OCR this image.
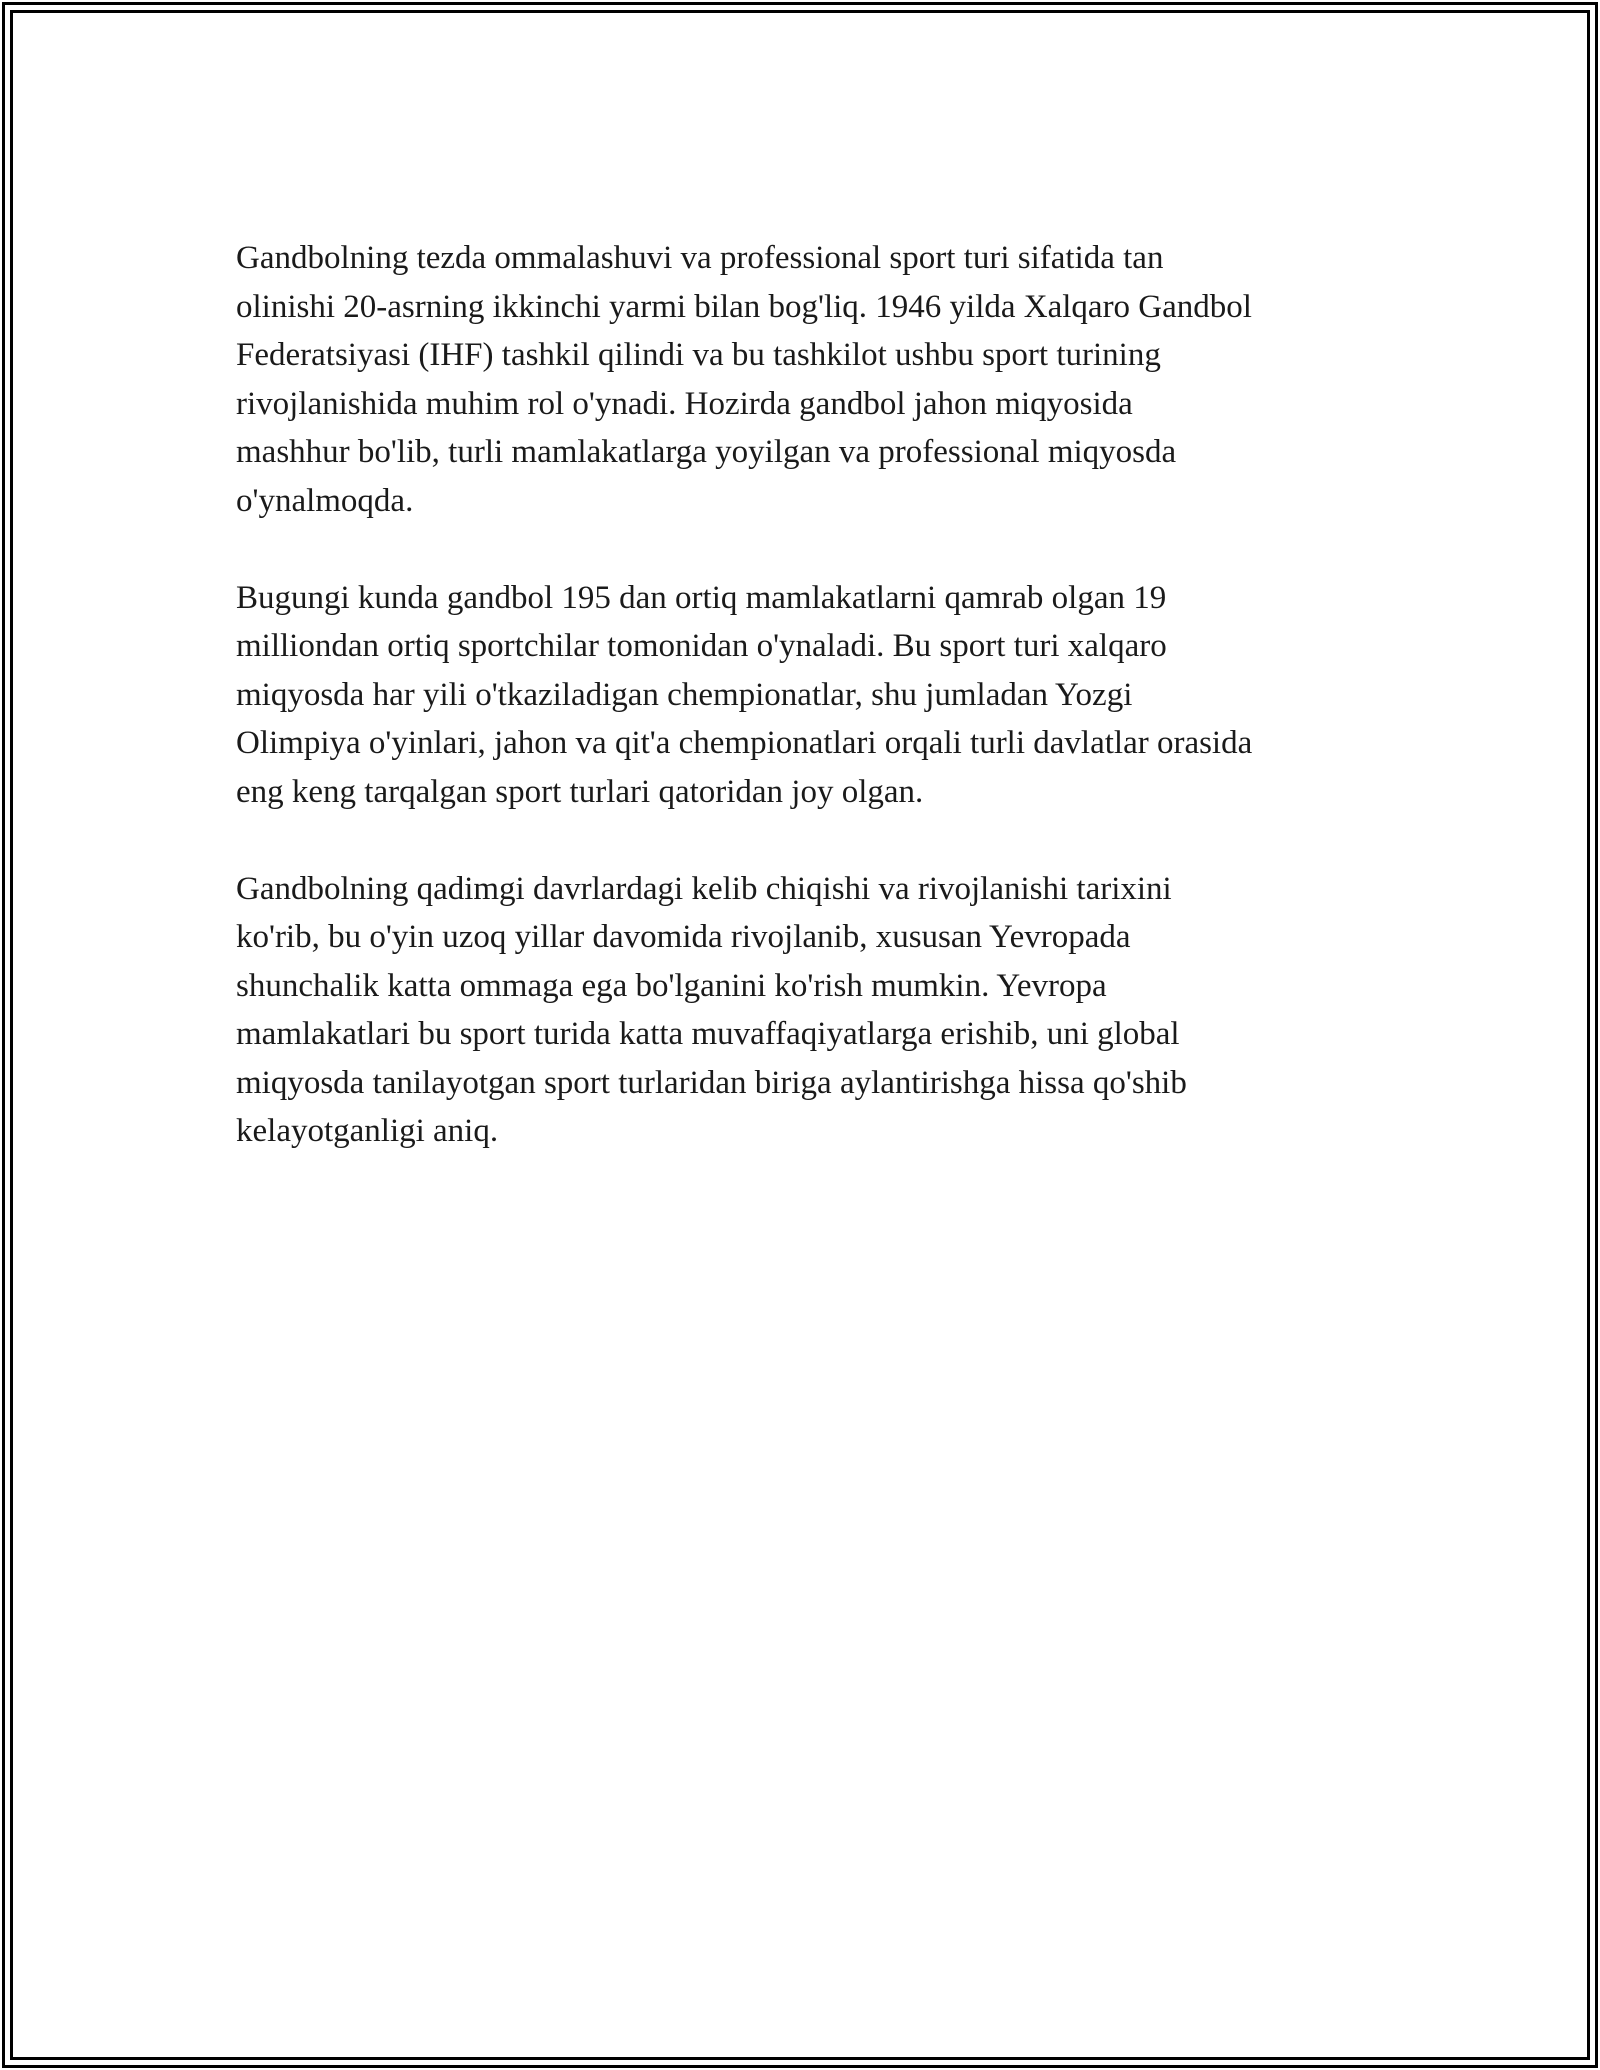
Gandbolning tezda ommalashuvi va professional sport turi sifatida tan
olinishi 20-asrning ikkinchi yarmi bilan bog'liq. 1946 yilda Xalqaro Gandbol
Federatsiyasi (IHF) tashkil qilindi va bu tashkilot ushbu sport turining
rivojlanishida muhim rol o'ynadi. Hozirda gandbol jahon miqyosida
mashhur bo'lib, turli mamlakatlarga yoyilgan va professional miqyosda
o'ynalmoqda.

Bugungi kunda gandbol 195 dan ortiq mamlakatlarni qamrab olgan 19
milliondan ortiq sportchilar tomonidan o'ynaladi. Bu sport turi xalqaro
miqyosda har yili o'tkaziladigan chempionatlar, shu jumladan Yozgi
Olimpiya o'yinlari, jahon va qit'a chempionatlari orqali turli davlatlar orasida
eng keng tarqalgan sport turlari qatoridan joy olgan.

Gandbolning qadimgi davrlardagi kelib chiqishi va rivojlanishi tarixini
ko'rib, bu o'yin uzoq yillar davomida rivojlanib, xususan Yevropada
shunchalik katta ommaga ega bo'lganini ko'rish mumkin. Yevropa
mamlakatlari bu sport turida katta muvaffaqiyatlarga erishib, uni global
miqyosda tanilayotgan sport turlaridan biriga aylantirishga hissa qo'shib
kelayotganligi aniq.
